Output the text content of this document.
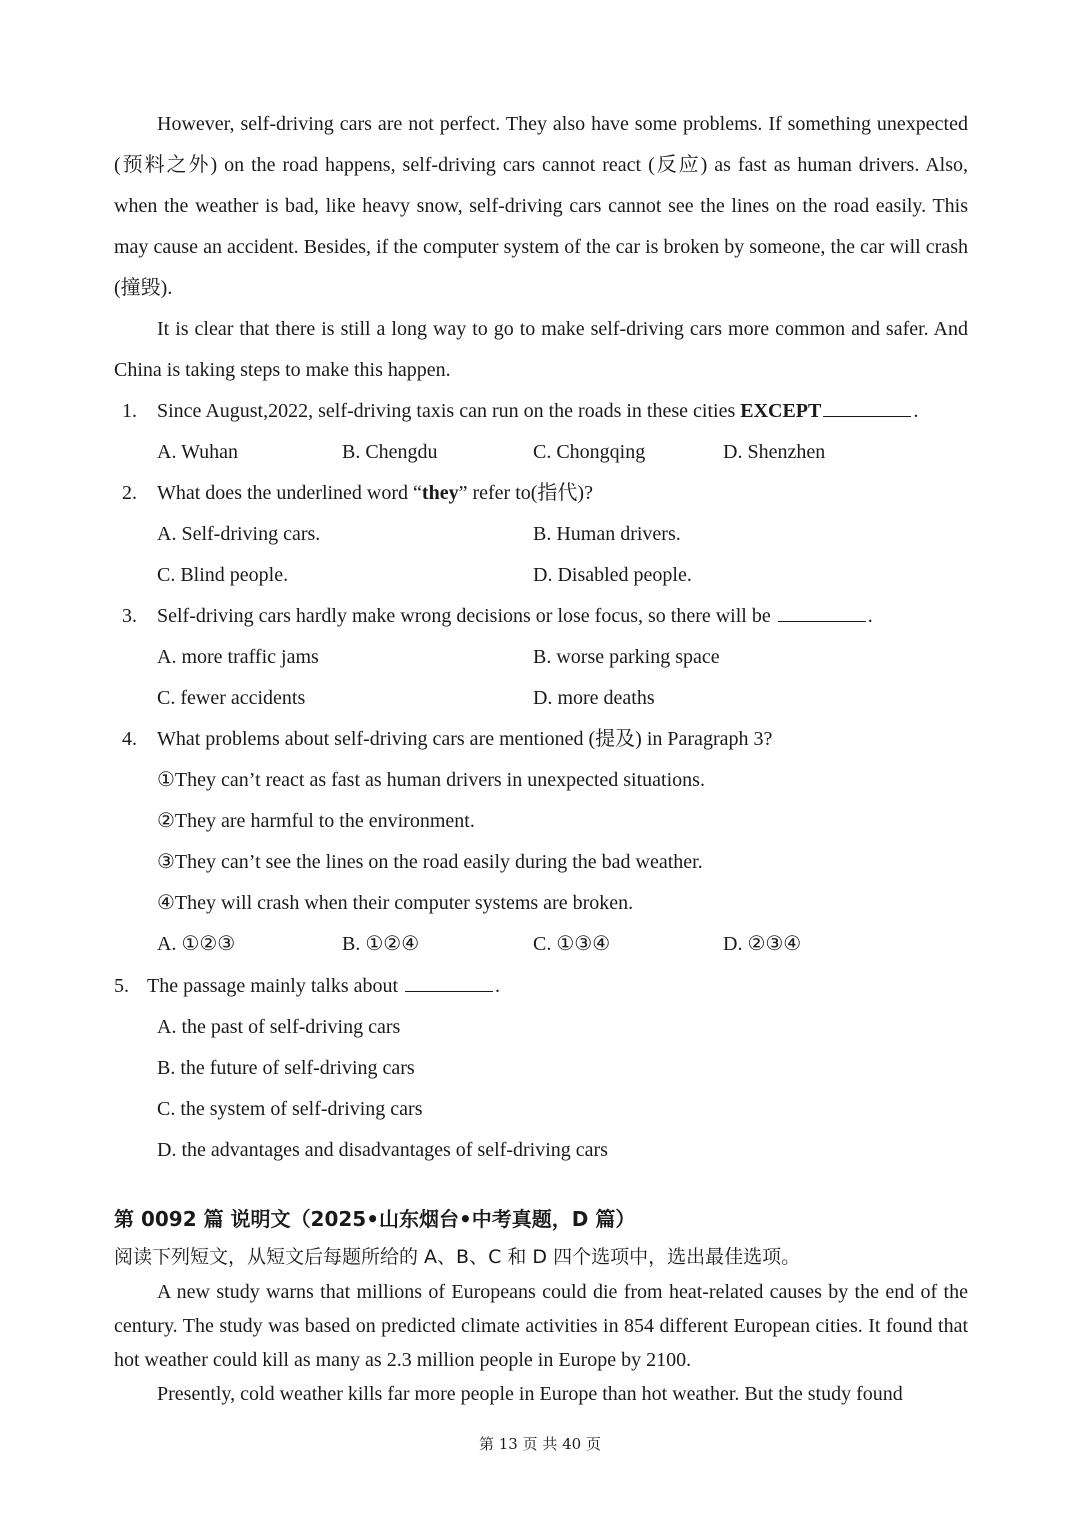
However, self-driving cars are not perfect. They also have some problems. If something unexpected (预料之外) on the road happens, self-driving cars cannot react (反应) as fast as human drivers. Also, when the weather is bad, like heavy snow, self-driving cars cannot see the lines on the road easily. This may cause an accident. Besides, if the computer system of the car is broken by someone, the car will crash (撞毁).

It is clear that there is still a long way to go to make self-driving cars more common and safer. And China is taking steps to make this happen.

1. Since August,2022, self-driving taxis can run on the roads in these cities EXCEPT	.
A. Wuhan	B. Chengdu	C. Chongqing	D. Shenzhen
2. What does the underlined word “they” refer to(指代)?
A. Self-driving cars.	B. Human drivers.
C. Blind people.	D. Disabled people.
3. Self-driving cars hardly make wrong decisions or lose focus, so there will be	.
A. more traffic jams	B. worse parking space
C. fewer accidents	D. more deaths
4. What problems about self-driving cars are mentioned (提及) in Paragraph 3?
①They can’t react as fast as human drivers in unexpected situations.
②They are harmful to the environment.
③They can’t see the lines on the road easily during the bad weather.
④They will crash when their computer systems are broken.
A. ①②③	B. ①②④	C. ①③④	D. ②③④
5. The passage mainly talks about	.
A. the past of self-driving cars
B. the future of self-driving cars
C. the system of self-driving cars
D. the advantages and disadvantages of self-driving cars
第 0092 篇 说明文（2025•山东烟台•中考真题，D 篇）

阅读下列短文，从短文后每题所给的 A、B、C 和 D 四个选项中，选出最佳选项。

A new study warns that millions of Europeans could die from heat-related causes by the end of the century. The study was based on predicted climate activities in 854 different European cities. It found that hot weather could kill as many as 2.3 million people in Europe by 2100.

Presently, cold weather kills far more people in Europe than hot weather. But the study found

第 13 页 共 40 页
